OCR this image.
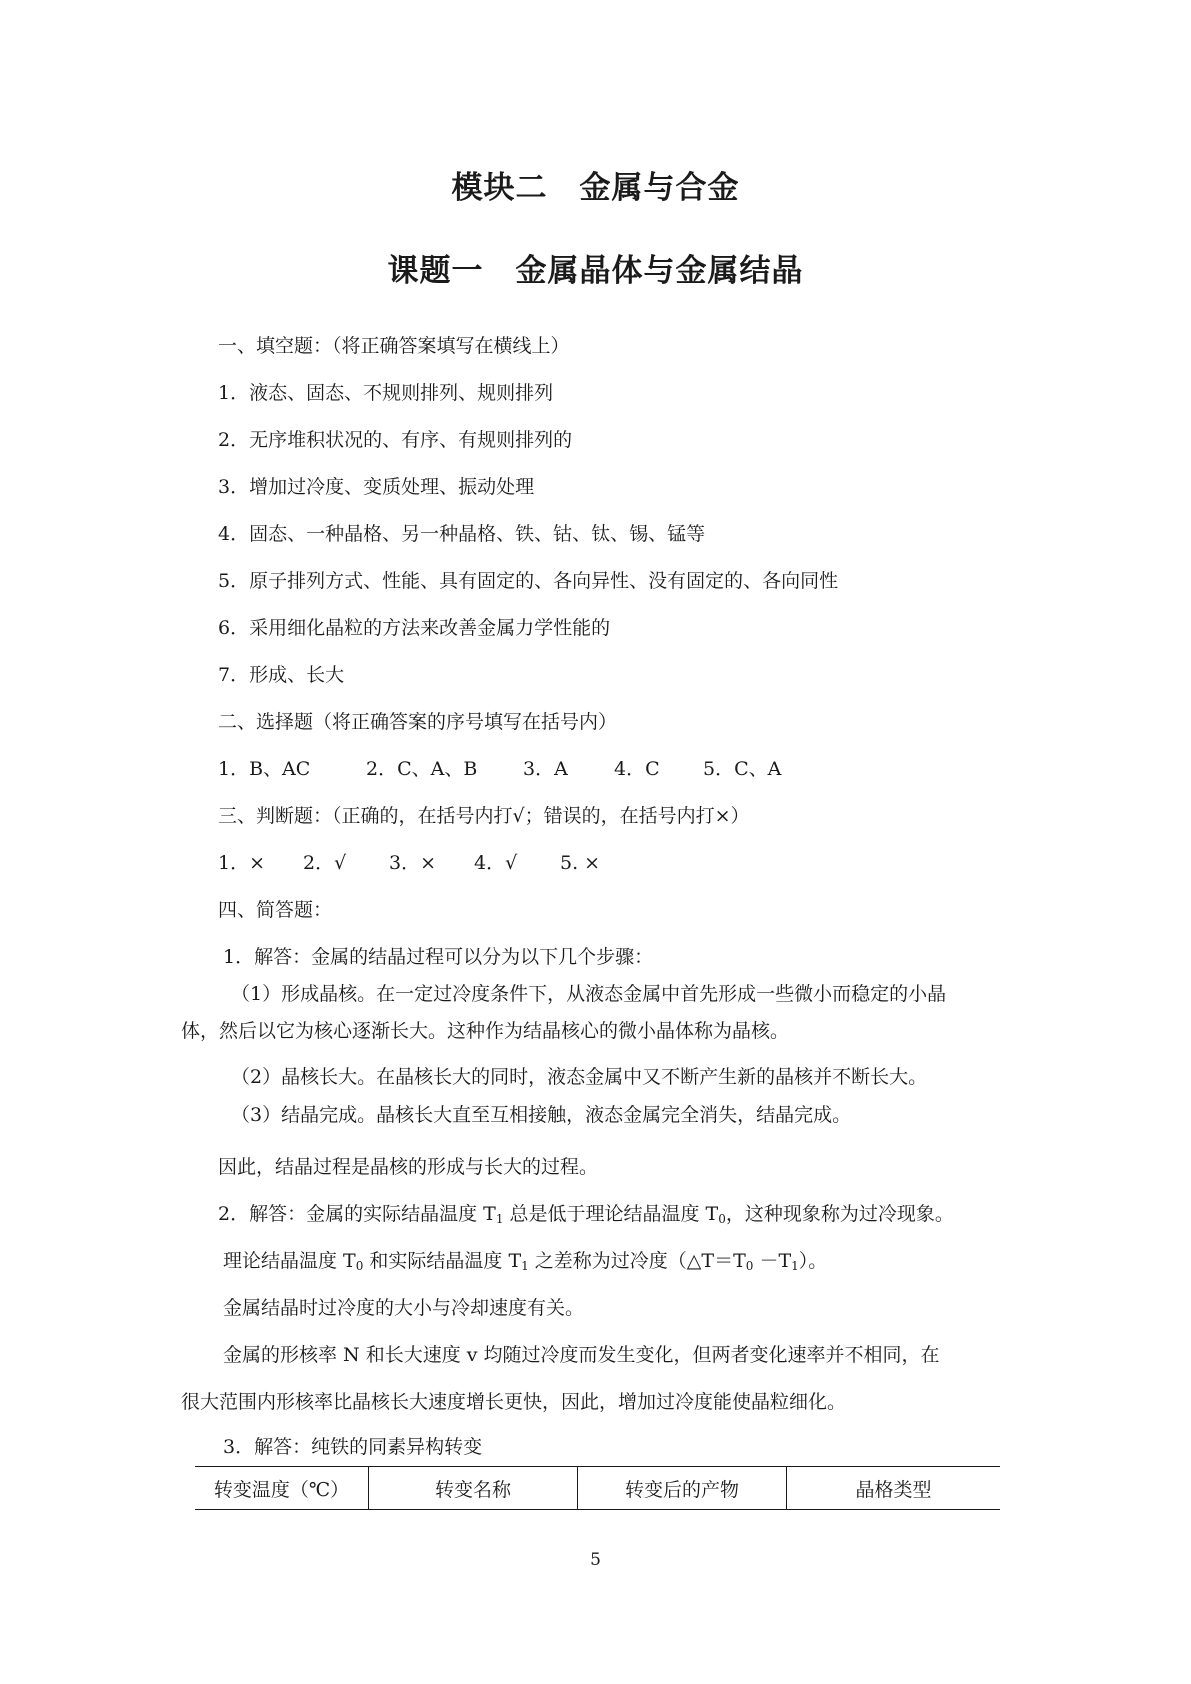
模块二　金属与合金
课题一　金属晶体与金属结晶
一、填空题：（将正确答案填写在横线上）
1．液态、固态、不规则排列、规则排列
2．无序堆积状况的、有序、有规则排列的
3．增加过冷度、变质处理、振动处理
4．固态、一种晶格、另一种晶格、铁、钴、钛、锡、锰等
5．原子排列方式、性能、具有固定的、各向异性、没有固定的、各向同性
6．采用细化晶粒的方法来改善金属力学性能的
7．形成、长大
二、选择题（将正确答案的序号填写在括号内）

1．B、AC

	2．C、A、B

3．A

4．C

5．C、A

三、判断题：（正确的，在括号内打√；错误的，在括号内打×）

1．×

2．√

3．×

4．√

5. ×

四、简答题：
1．解答：金属的结晶过程可以分为以下几个步骤：
（1）形成晶核。在一定过冷度条件下，从液态金属中首先形成一些微小而稳定的小晶
体，然后以它为核心逐渐长大。这种作为结晶核心的微小晶体称为晶核。
（2）晶核长大。在晶核长大的同时，液态金属中又不断产生新的晶核并不断长大。
（3）结晶完成。晶核长大直至互相接触，液态金属完全消失，结晶完成。
因此，结晶过程是晶核的形成与长大的过程。
2．解答：金属的实际结晶温度 $T_1$ 总是低于理论结晶温度 $T_0$，这种现象称为过冷现象。
理论结晶温度 $T_0$ 和实际结晶温度 $T_1$ 之差称为过冷度$(\triangle T=T_0 -T_1)$。
金属结晶时过冷度的大小与冷却速度有关。
金属的形核率 N 和长大速度 v 均随过冷度而发生变化，但两者变化速率并不相同，在
很大范围内形核率比晶核长大速度增长更快，因此，增加过冷度能使晶粒细化。
3．解答：纯铁的同素异构转变
转变温度（℃）	转变名称	转变后的产物	晶格类型
5
